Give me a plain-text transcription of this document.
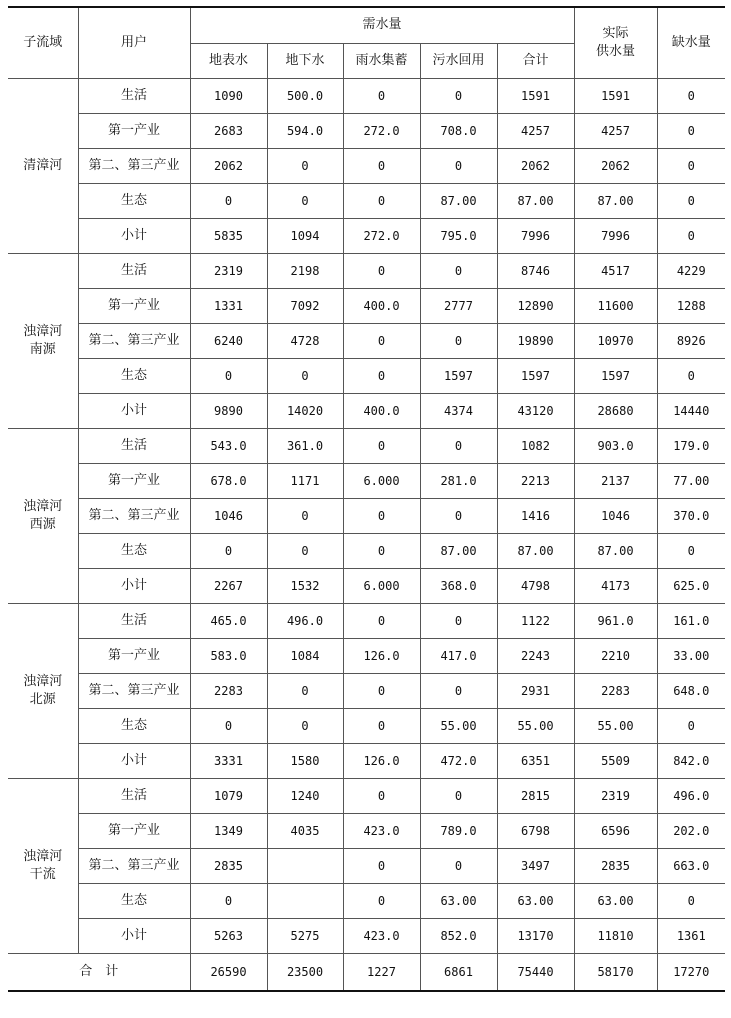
子流域	用户	需水量					实际
供水量	缺水量
		地表水	地下水	雨水集蓄	污水回用	合计		
清漳河	生活	1090	500.0	0	0	1591	1591	0
	第一产业	2683	594.0	272.0	708.0	4257	4257	0
	第二、第三产业	2062	0	0	0	2062	2062	0
	生态	0	0	0	87.00	87.00	87.00	0
	小计	5835	1094	272.0	795.0	7996	7996	0
浊漳河
南源	生活	2319	2198	0	0	8746	4517	4229
	第一产业	1331	7092	400.0	2777	12890	11600	1288
	第二、第三产业	6240	4728	0	0	19890	10970	8926
	生态	0	0	0	1597	1597	1597	0
	小计	9890	14020	400.0	4374	43120	28680	14440
浊漳河
西源	生活	543.0	361.0	0	0	1082	903.0	179.0
	第一产业	678.0	1171	6.000	281.0	2213	2137	77.00
	第二、第三产业	1046	0	0	0	1416	1046	370.0
	生态	0	0	0	87.00	87.00	87.00	0
	小计	2267	1532	6.000	368.0	4798	4173	625.0
浊漳河
北源	生活	465.0	496.0	0	0	1122	961.0	161.0
	第一产业	583.0	1084	126.0	417.0	2243	2210	33.00
	第二、第三产业	2283	0	0	0	2931	2283	648.0
	生态	0	0	0	55.00	55.00	55.00	0
	小计	3331	1580	126.0	472.0	6351	5509	842.0
浊漳河
干流	生活	1079	1240	0	0	2815	2319	496.0
	第一产业	1349	4035	423.0	789.0	6798	6596	202.0
	第二、第三产业	2835		0	0	3497	2835	663.0
	生态	0		0	63.00	63.00	63.00	0
	小计	5263	5275	423.0	852.0	13170	11810	1361
合　计		26590	23500	1227	6861	75440	58170	17270
